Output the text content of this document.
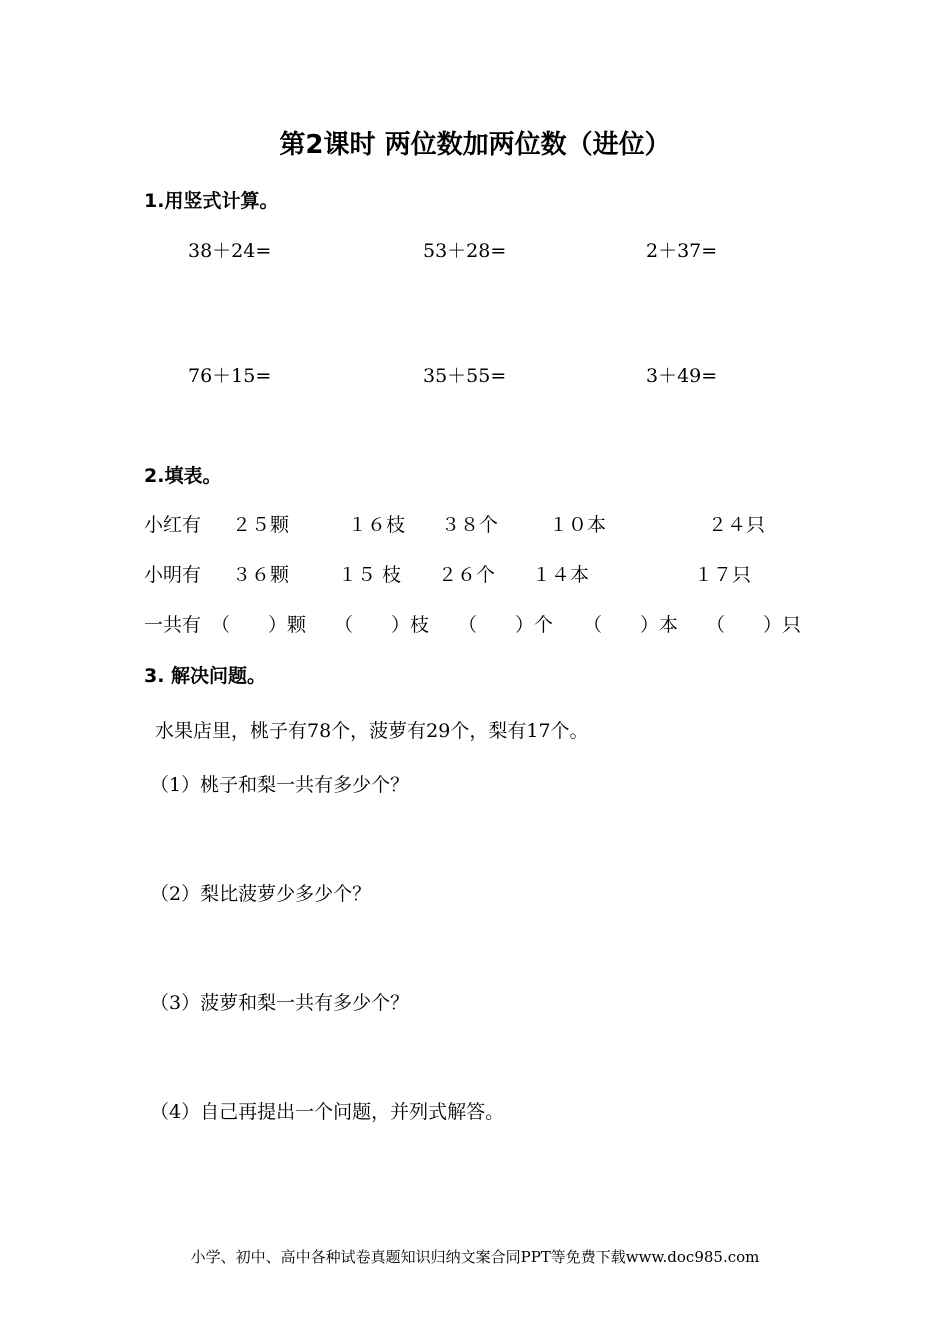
第2课时 两位数加两位数（进位）
1.用竖式计算。
38＋24=	53＋28=	2＋37=
76＋15=	35＋55=	3＋49=
2.填表。
小红有 ２５颗	１６枝 ３８个	１０本	２４只
小明有 ３６颗	１５ 枝 ２６个 １４本	１７只
一共有 （　　）颗 （　　）枝 （　　）个 （　　）本 （　　）只
3. 解决问题。
水果店里，桃子有78个，菠萝有29个，梨有17个。
（1）桃子和梨一共有多少个？
（2）梨比菠萝少多少个？
（3）菠萝和梨一共有多少个？
（4）自己再提出一个问题，并列式解答。
小学、初中、高中各种试卷真题知识归纳文案合同PPT等免费下载www.doc985.com
